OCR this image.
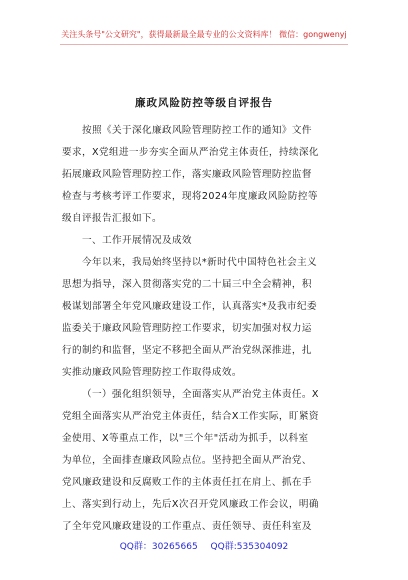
关注头条号"公文研究"，获得最新最全最专业的公文资料库！ 微信：gongwenyj
廉政风险防控等级自评报告
按照《关于深化廉政风险管理防控工作的通知》文件
要求，X党组进一步夯实全面从严治党主体责任，持续深化
拓展廉政风险管理防控工作，落实廉政风险管理防控监督
检查与考核考评工作要求，现将2024年度廉政风险防控等
级自评报告汇报如下。
一、工作开展情况及成效
今年以来，我局始终坚持以*新时代中国特色社会主义
思想为指导，深入贯彻落实党的二十届三中全会精神，积
极谋划部署全年党风廉政建设工作，认真落实*及我市纪委
监委关于廉政风险管理防控工作要求，切实加强对权力运
行的制约和监督，坚定不移把全面从严治党纵深推进，扎
实推动廉政风险管理防控工作取得成效。
（一）强化组织领导，全面落实从严治党主体责任。X
党组全面落实从严治党主体责任，结合X工作实际，盯紧资
金使用、X等重点工作，以"三个年"活动为抓手，以科室
为单位，全面排查廉政风险点位。坚持把全面从严治党、
党风廉政建设和反腐败工作的主体责任扛在肩上、抓在手
上、落实到行动上，先后X次召开党风廉政工作会议，明确
了全年党风廉政建设的工作重点、责任领导、责任科室及
QQ群：30265665 QQ群:535304092
